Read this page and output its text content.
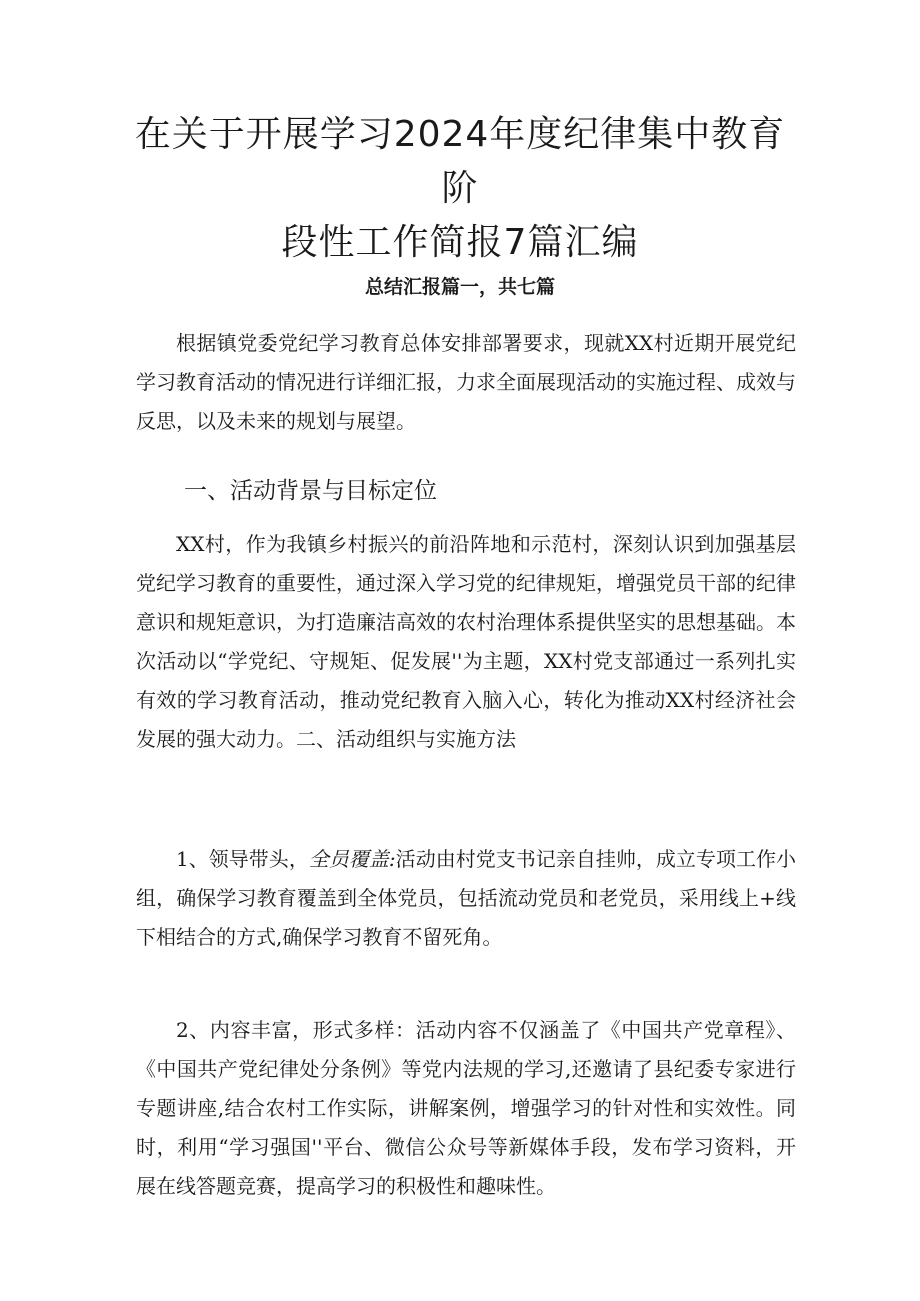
在关于开展学习2024年度纪律集中教育阶
段性工作简报7篇汇编
总结汇报篇一，共七篇

根据镇党委党纪学习教育总体安排部署要求，现就XX村近期开展党纪学习教育活动的情况进行详细汇报，力求全面展现活动的实施过程、成效与反思，以及未来的规划与展望。

一、活动背景与目标定位

XX村，作为我镇乡村振兴的前沿阵地和示范村，深刻认识到加强基层党纪学习教育的重要性，通过深入学习党的纪律规矩，增强党员干部的纪律意识和规矩意识，为打造廉洁高效的农村治理体系提供坚实的思想基础。本次活动以“学党纪、守规矩、促发展''为主题，XX村党支部通过一系列扎实有效的学习教育活动，推动党纪教育入脑入心，转化为推动XX村经济社会发展的强大动力。二、活动组织与实施方法

1、领导带头，全员覆盖:活动由村党支书记亲自挂帅，成立专项工作小组，确保学习教育覆盖到全体党员，包括流动党员和老党员，采用线上+线下相结合的方式,确保学习教育不留死角。

2、内容丰富，形式多样：活动内容不仅涵盖了《中国共产党章程》、《中国共产党纪律处分条例》等党内法规的学习,还邀请了县纪委专家进行专题讲座,结合农村工作实际，讲解案例，增强学习的针对性和实效性。同时，利用“学习强国''平台、微信公众号等新媒体手段，发布学习资料，开展在线答题竞赛，提高学习的积极性和趣味性。
